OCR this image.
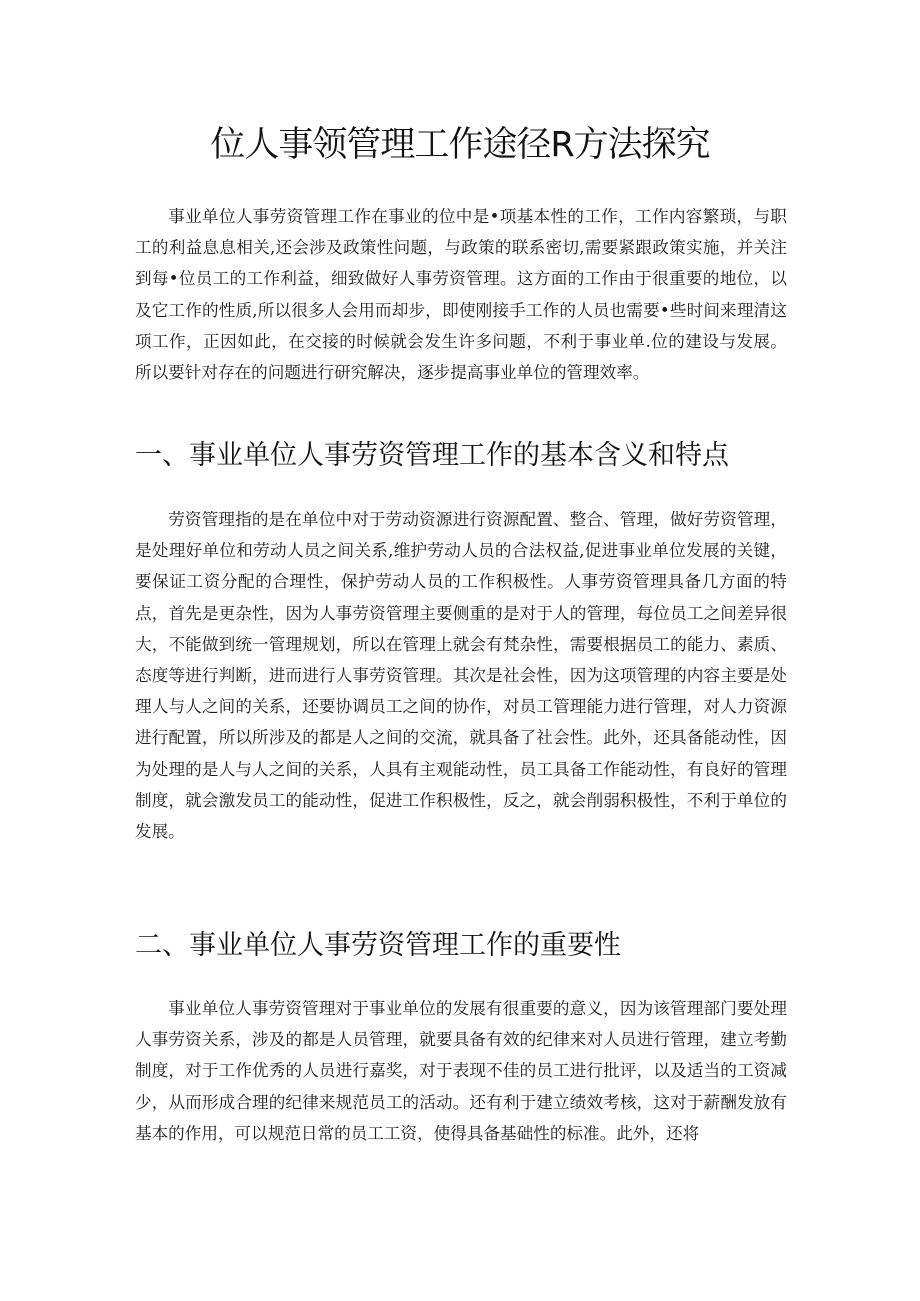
位人事领管理工作途径R方法探究

事业单位人事劳资管理工作在事业的位中是•项基本性的工作，工作内容繁琐，与职工的利益息息相关,还会涉及政策性问题，与政策的联系密切,需要紧跟政策实施，并关注到每•位员工的工作利益，细致做好人事劳资管理。这方面的工作由于很重要的地位，以及它工作的性质,所以很多人会用而却步，即使刚接手工作的人员也需要•些时间来理清这项工作，正因如此，在交接的时候就会发生许多问题，不利于事业单.位的建设与发展。所以要针对存在的问题进行研究解决，逐步提高事业单位的管理效率。

一、事业单位人事劳资管理工作的基本含义和特点

劳资管理指的是在单位中对于劳动资源进行资源配置、整合、管理，做好劳资管理，是处理好单位和劳动人员之间关系,维护劳动人员的合法权益,促进事业单位发展的关键，要保证工资分配的合理性，保护劳动人员的工作积极性。人事劳资管理具备几方面的特点，首先是更杂性，因为人事劳资管理主要侧重的是对于人的管理，每位员工之间差异很大，不能做到统一管理规划，所以在管理上就会有梵杂性，需要根据员工的能力、素质、态度等进行判断，进而进行人事劳资管理。其次是社会性，因为这项管理的内容主要是处理人与人之间的关系，还要协调员工之间的协作，对员工管理能力进行管理，对人力资源进行配置，所以所涉及的都是人之间的交流，就具备了社会性。此外，还具备能动性，因为处理的是人与人之间的关系，人具有主观能动性，员工具备工作能动性，有良好的管理制度，就会激发员工的能动性，促进工作积极性，反之，就会削弱积极性，不利于单位的发展。

二、事业单位人事劳资管理工作的重要性

事业单位人事劳资管理对于事业单位的发展有很重要的意义，因为该管理部门要处理人事劳资关系，涉及的都是人员管理，就要具备有效的纪律来对人员进行管理，建立考勤制度，对于工作优秀的人员进行嘉奖，对于表现不佳的员工进行批评，以及适当的工资减少，从而形成合理的纪律来规范员工的活动。还有利于建立绩效考核，这对于薪酬发放有基本的作用，可以规范日常的员工工资，使得具备基础性的标准。此外，还将
